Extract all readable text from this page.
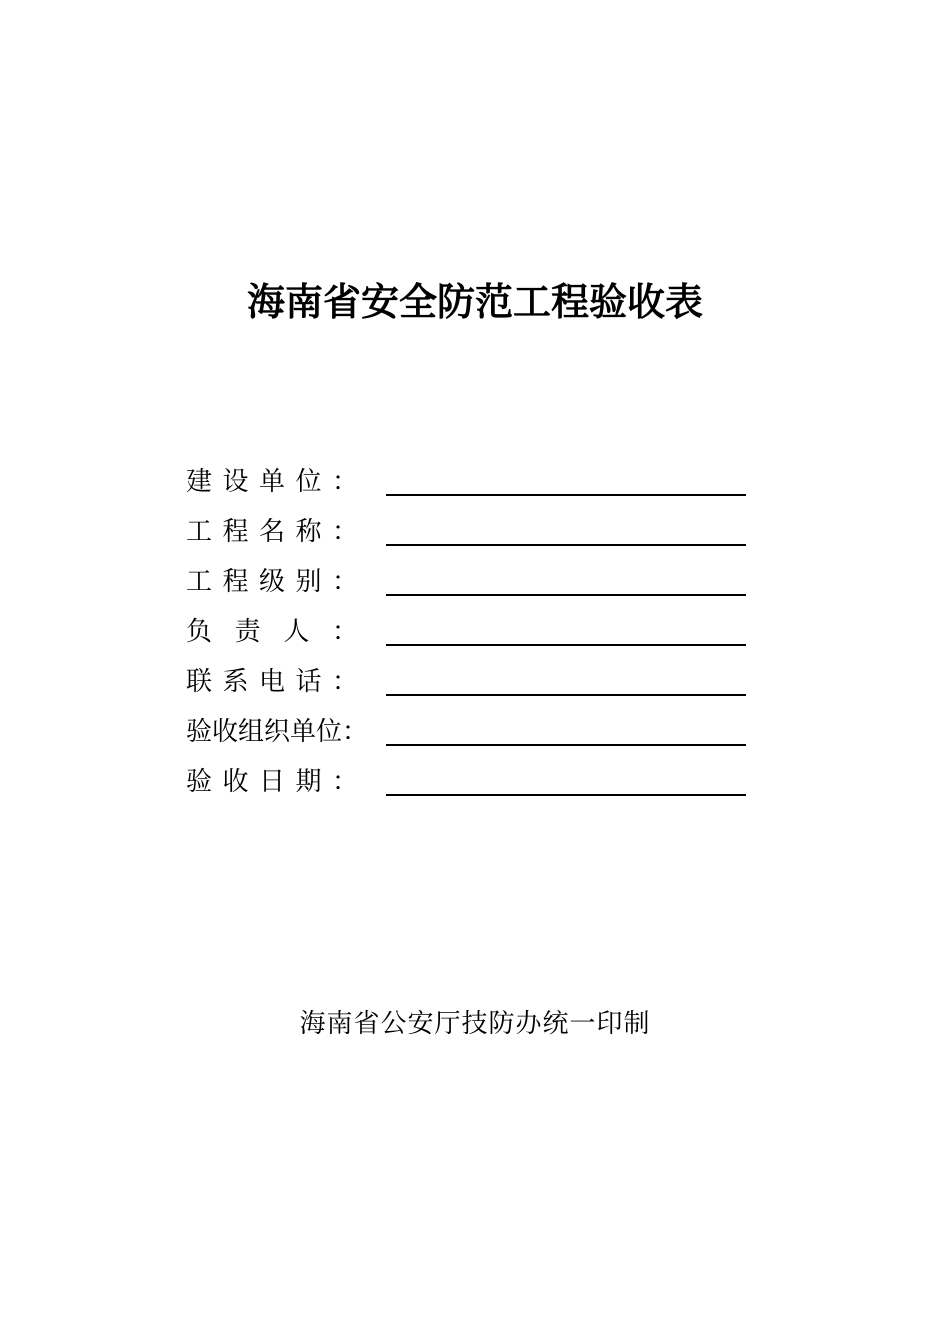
海南省安全防范工程验收表
建设单位：
工程名称：
工程级别：
负责人：
联系电话：
验收组织单位：
验收日期：
海南省公安厅技防办统一印制
